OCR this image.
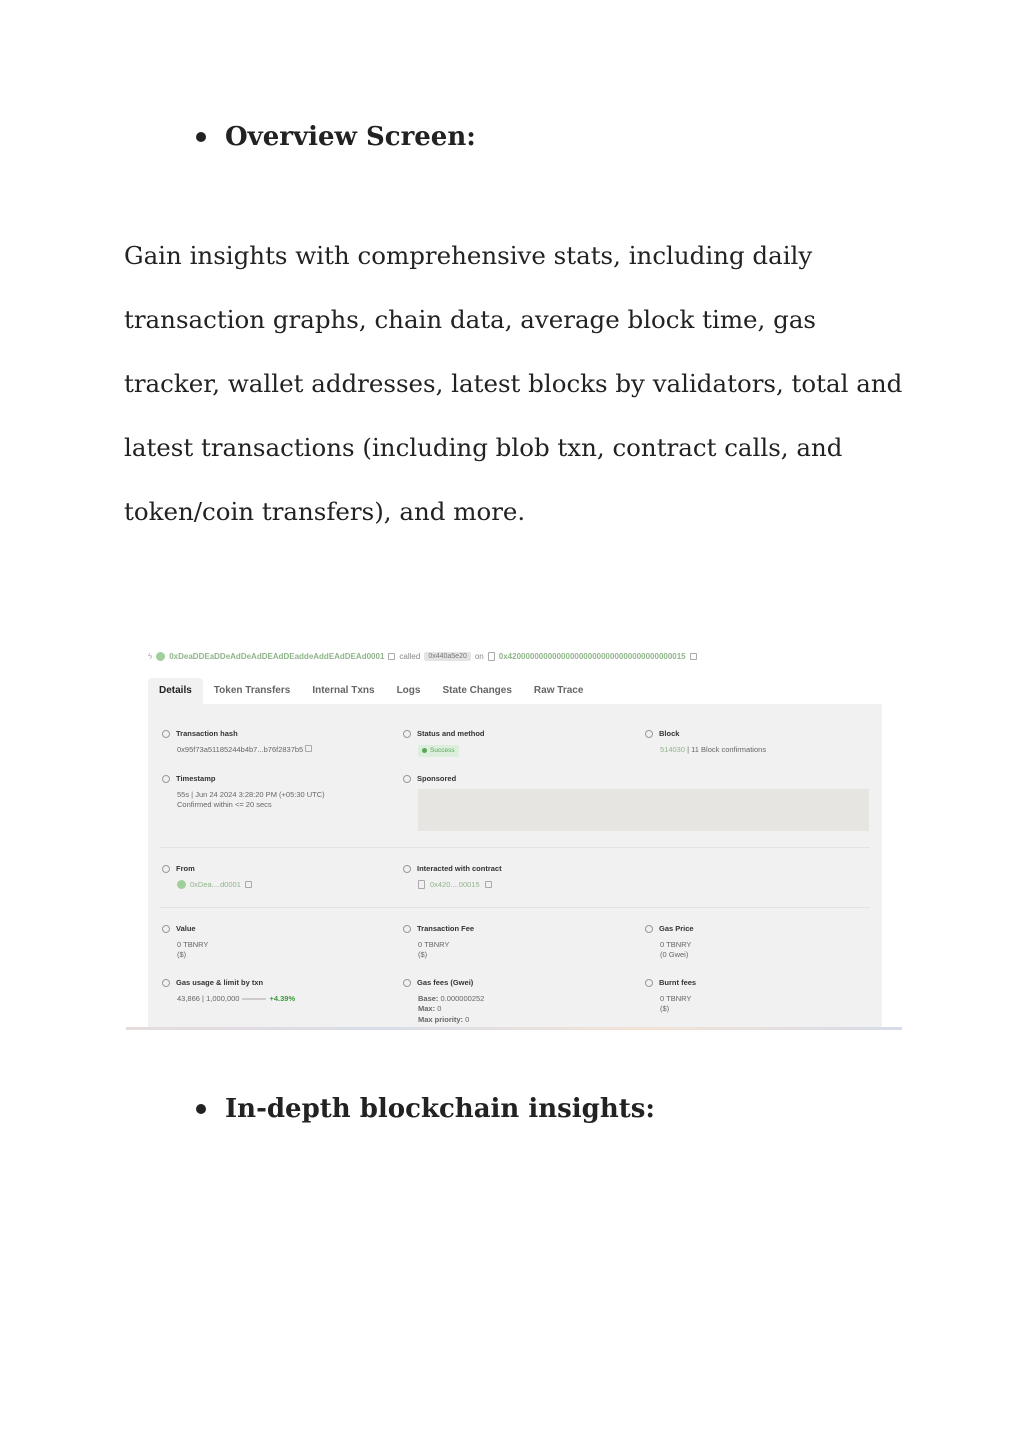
Overview Screen:

Gain insights with comprehensive stats, including daily transaction graphs, chain data, average block time, gas tracker, wallet addresses, latest blocks by validators, total and latest transactions (including blob txn, contract calls, and token/coin transfers), and more.

ϟ 0xDeaDDEaDDeAdDeAdDEAdDEaddeAddEAdDEAd0001 called	0x440a5e20	on 0x4200000000000000000000000000000000000015
Details	Token Transfers	Internal Txns	Logs	State Changes	Raw Trace
Transaction hash
0x95f73a51185244b4b7...b76f2837b5
Status and method
Success
Block
514030 | 11 Block confirmations
Timestamp
55s | Jun 24 2024 3:28:20 PM (+05:30 UTC)
Confirmed within <= 20 secs
Sponsored
From
0xDea....d0001
Interacted with contract
0x420....00015
Value
0 TBNRY
($)
Transaction Fee
0 TBNRY
($)
Gas Price
0 TBNRY
(0 Gwei)
Gas usage & limit by txn
43,866 | 1,000,000	+4.39%
Gas fees (Gwei)
Base: 0.000000252
Max: 0
Max priority: 0
Burnt fees
0 TBNRY
($)
In-depth blockchain insights:
